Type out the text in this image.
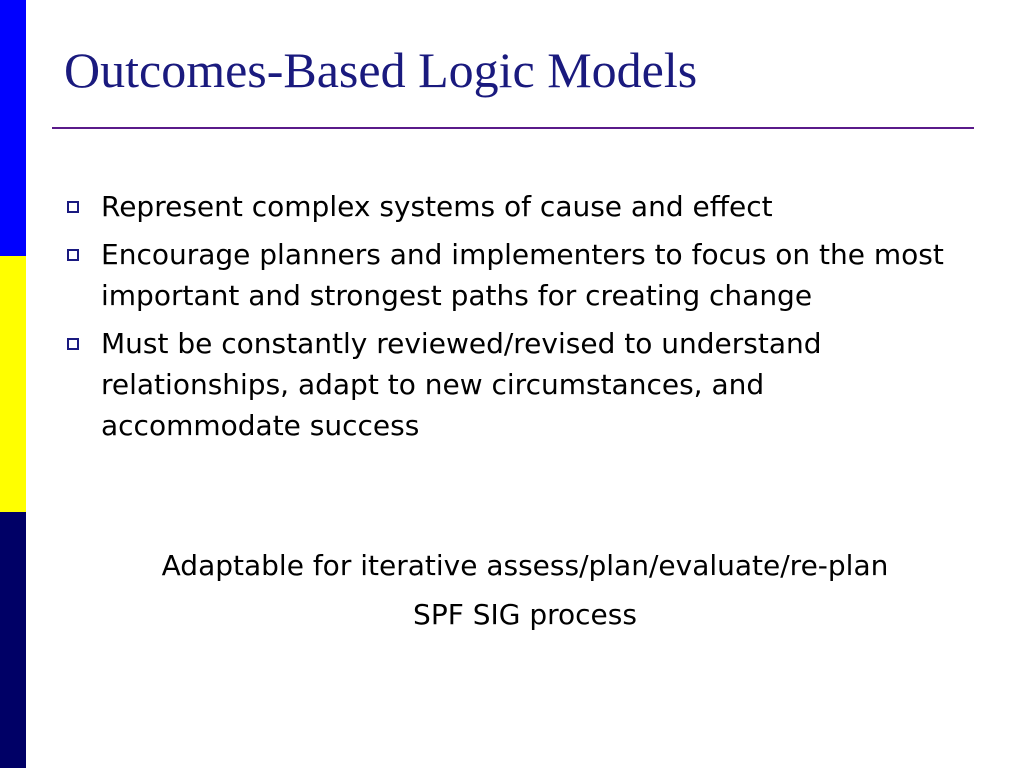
Outcomes-Based Logic Models
Represent complex systems of cause and effect
Encourage planners and implementers to focus on the most important and strongest paths for creating change
Must be constantly reviewed/revised to understand relationships, adapt to new circumstances, and accommodate success
Adaptable for iterative assess/plan/evaluate/re-plan
SPF SIG process
